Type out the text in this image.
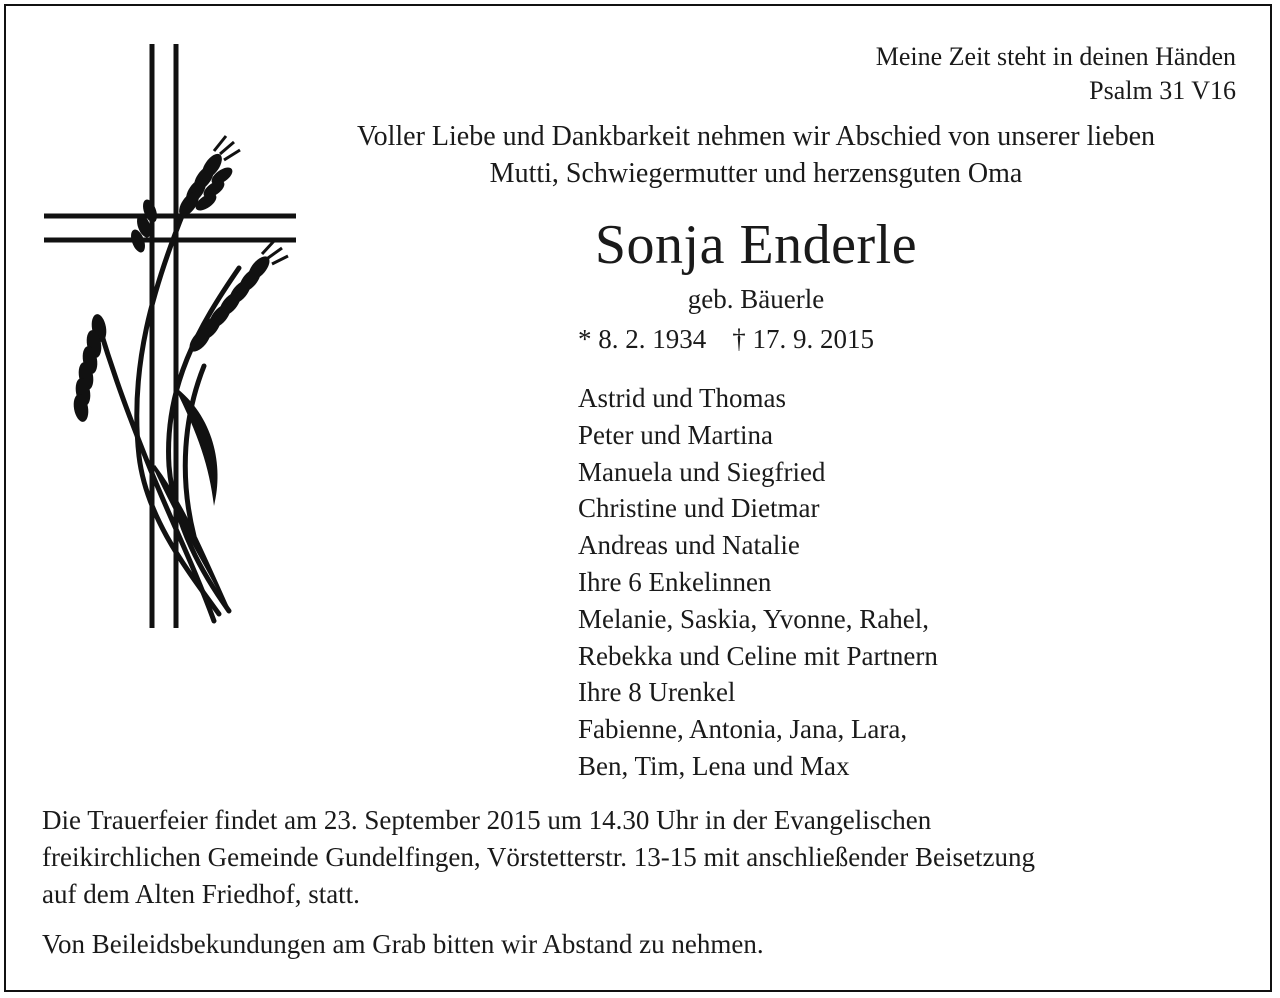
Meine Zeit steht in deinen Händen
Psalm 31 V16
Voller Liebe und Dankbarkeit nehmen wir Abschied von unserer lieben
Mutti, Schwiegermutter und herzensguten Oma
Sonja Enderle
geb. Bäuerle
* 8. 2. 1934 † 17. 9. 2015
Astrid und Thomas
Peter und Martina
Manuela und Siegfried
Christine und Dietmar
Andreas und Natalie
Ihre 6 Enkelinnen
Melanie, Saskia, Yvonne, Rahel,
Rebekka und Celine mit Partnern
Ihre 8 Urenkel
Fabienne, Antonia, Jana, Lara,
Ben, Tim, Lena und Max
Die Trauerfeier findet am 23. September 2015 um 14.30 Uhr in der Evangelischen
freikirchlichen Gemeinde Gundelfingen, Vörstetterstr. 13-15 mit anschließender Beisetzung
auf dem Alten Friedhof, statt.
Von Beileidsbekundungen am Grab bitten wir Abstand zu nehmen.
